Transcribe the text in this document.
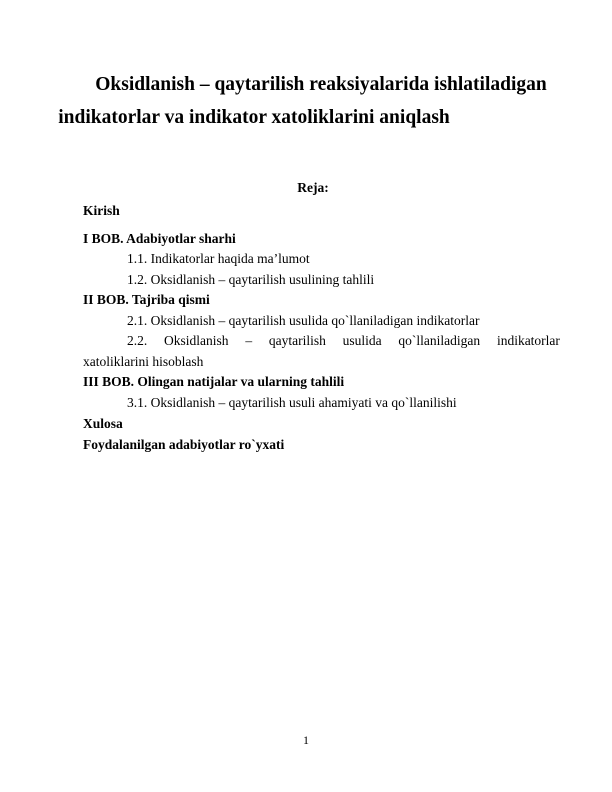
Oksidlanish – qaytarilish reaksiyalarida ishlatiladigan
indikatorlar va indikator xatoliklarini aniqlash
Reja:
Kirish
I BOB. Adabiyotlar sharhi
1.1. Indikatorlar haqida ma’lumot
1.2. Oksidlanish – qaytarilish usulining tahlili
II BOB. Tajriba qismi
2.1. Oksidlanish – qaytarilish usulida qo`llaniladigan indikatorlar
2.2. Oksidlanish – qaytarilish usulida qo`llaniladigan indikatorlar
xatoliklarini hisoblash
III BOB. Olingan natijalar va ularning tahlili
3.1. Oksidlanish – qaytarilish usuli ahamiyati va qo`llanilishi
Xulosa
Foydalanilgan adabiyotlar ro`yxati
1
